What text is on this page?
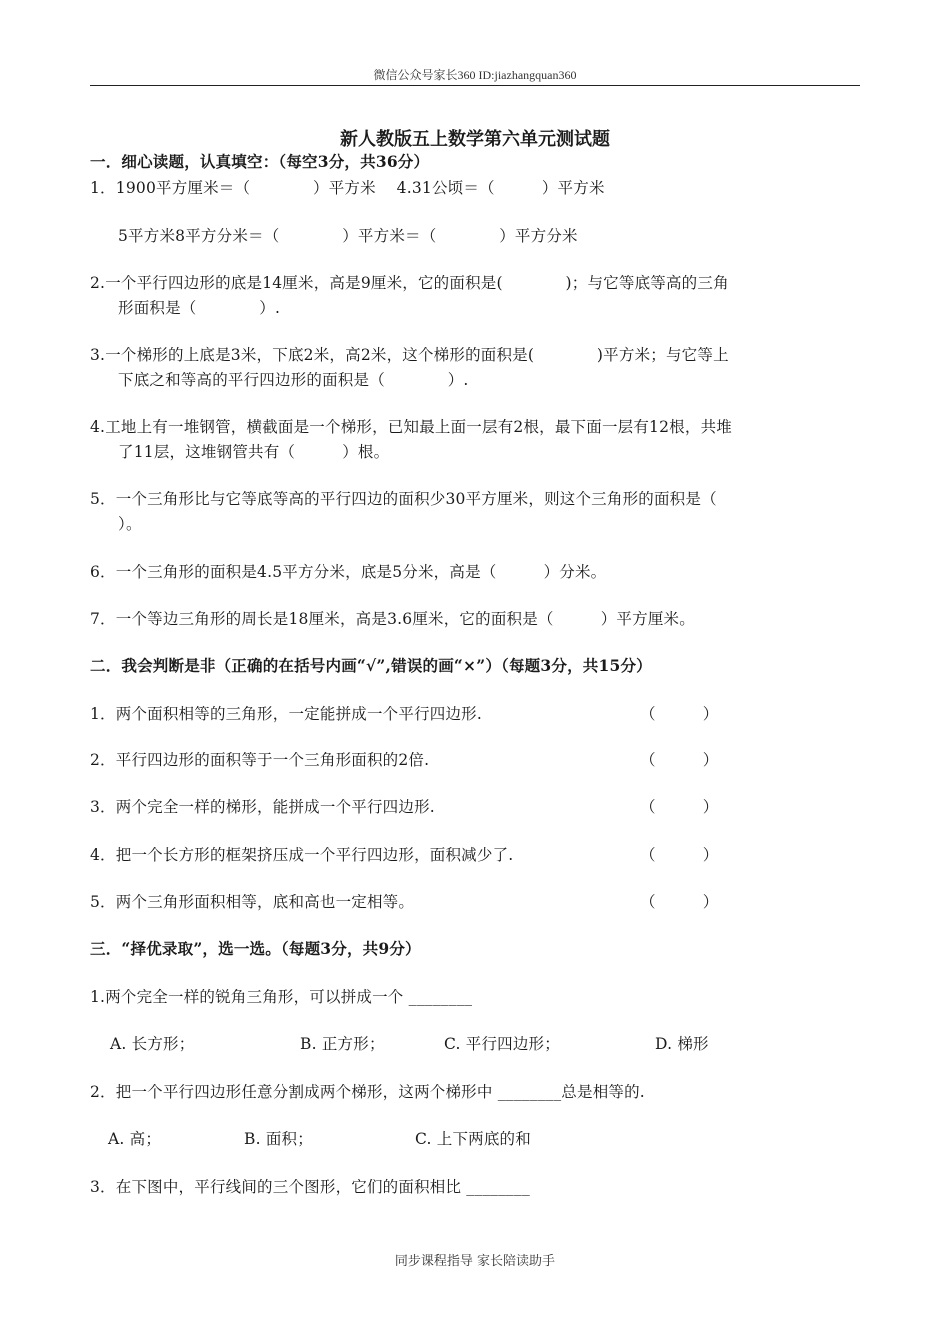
微信公众号家长360 ID:jiazhangquan360
新人教版五上数学第六单元测试题
一．细心读题，认真填空：（每空3分，共36分）
1．1900平方厘米＝（　　　　）平方米　 4.31公顷＝（　　　）平方米
5平方米8平方分米＝（　　　　）平方米＝（　　　　）平方分米
2.一个平行四边形的底是14厘米，高是9厘米，它的面积是(　　　　)；与它等底等高的三角
形面积是（　　　　）.
3.一个梯形的上底是3米，下底2米，高2米，这个梯形的面积是(　　　　)平方米；与它等上
下底之和等高的平行四边形的面积是（　　　　）.
4.工地上有一堆钢管，横截面是一个梯形，已知最上面一层有2根，最下面一层有12根，共堆
了11层，这堆钢管共有（　　　）根。
5．一个三角形比与它等底等高的平行四边的面积少30平方厘米，则这个三角形的面积是（
）。
6．一个三角形的面积是4.5平方分米，底是5分米，高是（　　　）分米。
7．一个等边三角形的周长是18厘米，高是3.6厘米，它的面积是（　　　）平方厘米。
二．我会判断是非（正确的在括号内画“√”,错误的画“×”）（每题3分，共15分）
1．两个面积相等的三角形，一定能拼成一个平行四边形.	（　　　）
2．平行四边形的面积等于一个三角形面积的2倍.	（　　　）
3．两个完全一样的梯形，能拼成一个平行四边形.	（　　　）
4．把一个长方形的框架挤压成一个平行四边形，面积减少了.	（　　　）
5．两个三角形面积相等，底和高也一定相等。	（　　　）
三．“择优录取”，选一选。（每题3分，共9分）
1.两个完全一样的锐角三角形，可以拼成一个 ________
A. 长方形；	B. 正方形；	C. 平行四边形；	D. 梯形
2．把一个平行四边形任意分割成两个梯形，这两个梯形中 ________总是相等的.
A. 高；	B. 面积；	C. 上下两底的和
3．在下图中，平行线间的三个图形，它们的面积相比 ________
同步课程指导 家长陪读助手
